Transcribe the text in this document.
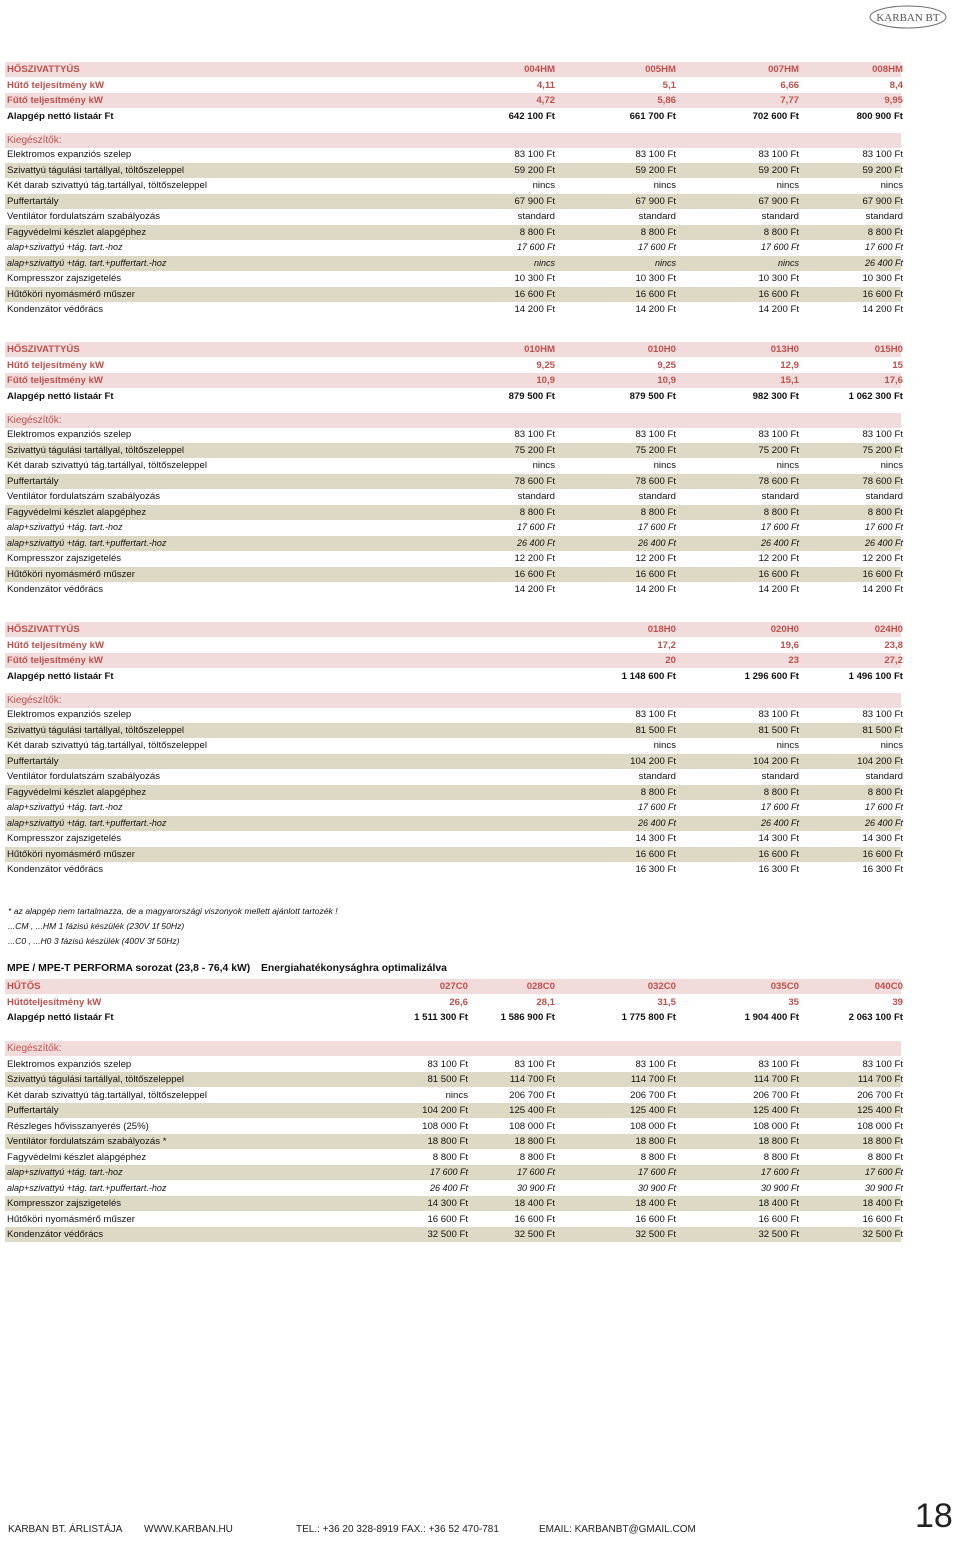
KARBAN BT
HŐSZIVATTYÚS	004HM	005HM	007HM	008HM
Hűtő teljesítmény kW	4,11	5,1	6,66	8,4
Fűtő teljesítmény kW	4,72	5,86	7,77	9,95
Alapgép nettó listaár Ft	642 100 Ft	661 700 Ft	702 600 Ft	800 900 Ft
Kiegészítők:
Elektromos expanziós szelep	83 100 Ft	83 100 Ft	83 100 Ft	83 100 Ft
Szivattyú tágulási tartállyal, töltőszeleppel	59 200 Ft	59 200 Ft	59 200 Ft	59 200 Ft
Két darab szivattyú tág.tartállyal, töltőszeleppel	nincs	nincs	nincs	nincs
Puffertartály	67 900 Ft	67 900 Ft	67 900 Ft	67 900 Ft
Ventilátor fordulatszám szabályozás	standard	standard	standard	standard
Fagyvédelmi készlet alapgéphez	8 800 Ft	8 800 Ft	8 800 Ft	8 800 Ft
alap+szivattyú +tág. tart.-hoz	17 600 Ft	17 600 Ft	17 600 Ft	17 600 Ft
alap+szivattyú +tág. tart.+puffertart.-hoz	nincs	nincs	nincs	26 400 Ft
Kompresszor zajszigetelés	10 300 Ft	10 300 Ft	10 300 Ft	10 300 Ft
Hűtőköri nyomásmérő műszer	16 600 Ft	16 600 Ft	16 600 Ft	16 600 Ft
Kondenzátor védőrács	14 200 Ft	14 200 Ft	14 200 Ft	14 200 Ft
HŐSZIVATTYÚS	010HM	010H0	013H0	015H0
Hűtő teljesítmény kW	9,25	9,25	12,9	15
Fűtő teljesítmény kW	10,9	10,9	15,1	17,6
Alapgép nettó listaár Ft	879 500 Ft	879 500 Ft	982 300 Ft	1 062 300 Ft
Kiegészítők:
Elektromos expanziós szelep	83 100 Ft	83 100 Ft	83 100 Ft	83 100 Ft
Szivattyú tágulási tartállyal, töltőszeleppel	75 200 Ft	75 200 Ft	75 200 Ft	75 200 Ft
Két darab szivattyú tág.tartállyal, töltőszeleppel	nincs	nincs	nincs	nincs
Puffertartály	78 600 Ft	78 600 Ft	78 600 Ft	78 600 Ft
Ventilátor fordulatszám szabályozás	standard	standard	standard	standard
Fagyvédelmi készlet alapgéphez	8 800 Ft	8 800 Ft	8 800 Ft	8 800 Ft
alap+szivattyú +tág. tart.-hoz	17 600 Ft	17 600 Ft	17 600 Ft	17 600 Ft
alap+szivattyú +tág. tart.+puffertart.-hoz	26 400 Ft	26 400 Ft	26 400 Ft	26 400 Ft
Kompresszor zajszigetelés	12 200 Ft	12 200 Ft	12 200 Ft	12 200 Ft
Hűtőköri nyomásmérő műszer	16 600 Ft	16 600 Ft	16 600 Ft	16 600 Ft
Kondenzátor védőrács	14 200 Ft	14 200 Ft	14 200 Ft	14 200 Ft
HŐSZIVATTYÚS	018H0	020H0	024H0
Hűtő teljesítmény kW	17,2	19,6	23,8
Fűtő teljesítmény kW	20	23	27,2
Alapgép nettó listaár Ft	1 148 600 Ft	1 296 600 Ft	1 496 100 Ft
Kiegészítők:
Elektromos expanziós szelep	83 100 Ft	83 100 Ft	83 100 Ft
Szivattyú tágulási tartállyal, töltőszeleppel	81 500 Ft	81 500 Ft	81 500 Ft
Két darab szivattyú tág.tartállyal, töltőszeleppel	nincs	nincs	nincs
Puffertartály	104 200 Ft	104 200 Ft	104 200 Ft
Ventilátor fordulatszám szabályozás	standard	standard	standard
Fagyvédelmi készlet alapgéphez	8 800 Ft	8 800 Ft	8 800 Ft
alap+szivattyú +tág. tart.-hoz	17 600 Ft	17 600 Ft	17 600 Ft
alap+szivattyú +tág. tart.+puffertart.-hoz	26 400 Ft	26 400 Ft	26 400 Ft
Kompresszor zajszigetelés	14 300 Ft	14 300 Ft	14 300 Ft
Hűtőköri nyomásmérő műszer	16 600 Ft	16 600 Ft	16 600 Ft
Kondenzátor védőrács	16 300 Ft	16 300 Ft	16 300 Ft
HŰTŐS	027C0	028C0	032C0	035C0	040C0
Hűtőteljesítmény kW	26,6	28,1	31,5	35	39
Alapgép nettó listaár Ft	1 511 300 Ft	1 586 900 Ft	1 775 800 Ft	1 904 400 Ft	2 063 100 Ft
Kiegészítők:
Elektromos expanziós szelep	83 100 Ft	83 100 Ft	83 100 Ft	83 100 Ft	83 100 Ft
Szivattyú tágulási tartállyal, töltőszeleppel	81 500 Ft	114 700 Ft	114 700 Ft	114 700 Ft	114 700 Ft
Két darab szivattyú tág.tartállyal, töltőszeleppel	nincs	206 700 Ft	206 700 Ft	206 700 Ft	206 700 Ft
Puffertartály	104 200 Ft	125 400 Ft	125 400 Ft	125 400 Ft	125 400 Ft
Részleges hővisszanyerés (25%)	108 000 Ft	108 000 Ft	108 000 Ft	108 000 Ft	108 000 Ft
Ventilátor fordulatszám szabályozás *	18 800 Ft	18 800 Ft	18 800 Ft	18 800 Ft	18 800 Ft
Fagyvédelmi készlet alapgéphez	8 800 Ft	8 800 Ft	8 800 Ft	8 800 Ft	8 800 Ft
alap+szivattyú +tág. tart.-hoz	17 600 Ft	17 600 Ft	17 600 Ft	17 600 Ft	17 600 Ft
alap+szivattyú +tág. tart.+puffertart.-hoz	26 400 Ft	30 900 Ft	30 900 Ft	30 900 Ft	30 900 Ft
Kompresszor zajszigetelés	14 300 Ft	18 400 Ft	18 400 Ft	18 400 Ft	18 400 Ft
Hűtőköri nyomásmérő műszer	16 600 Ft	16 600 Ft	16 600 Ft	16 600 Ft	16 600 Ft
Kondenzátor védőrács	32 500 Ft	32 500 Ft	32 500 Ft	32 500 Ft	32 500 Ft
* az alapgép nem tartalmazza, de a magyarországi viszonyok mellett ajánlott tartozék !
...CM , ...HM 1 fázisú készülék (230V 1f 50Hz)
...C0 , ...H0 3 fázisú készülék (400V 3f 50Hz)
MPE / MPE-T PERFORMA sorozat (23,8 - 76,4 kW) Energiahatékonysághra optimalizálva
KARBAN BT. ÁRLISTÁJA WWW.KARBAN.HU	TEL.: +36 20 328-8919 FAX.: +36 52 470-781	EMAIL: KARBANBT@GMAIL.COM	18
